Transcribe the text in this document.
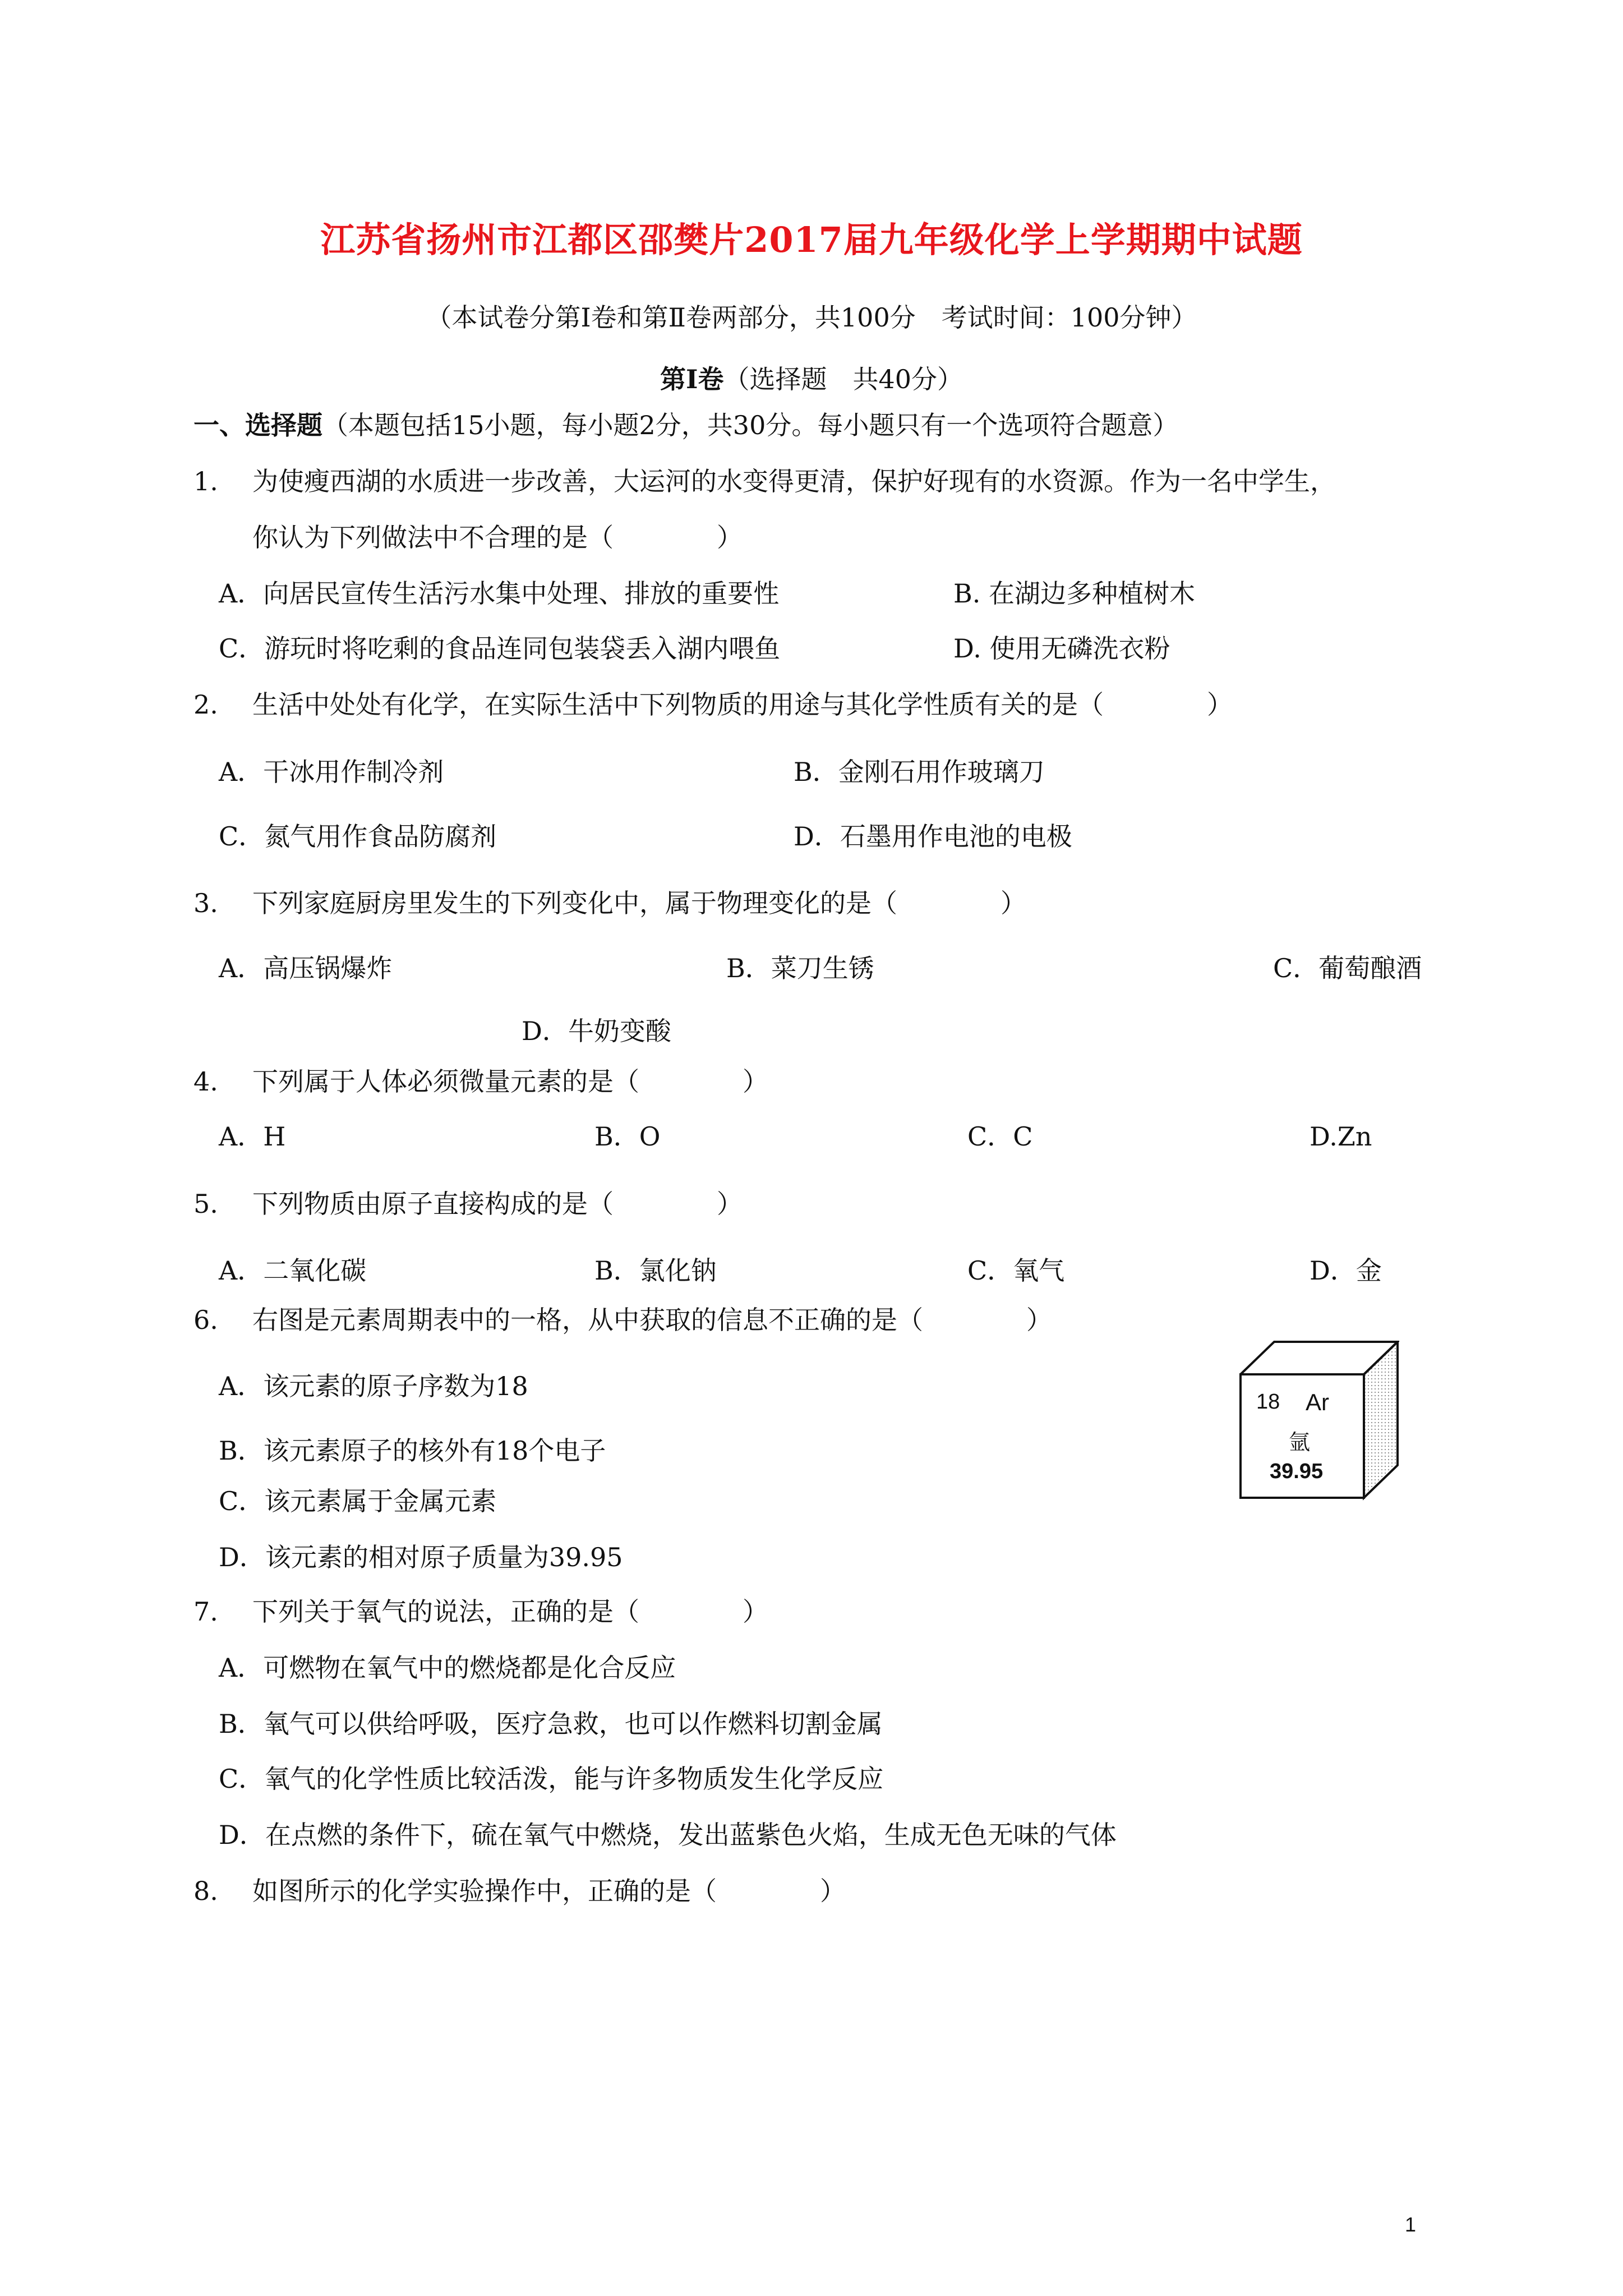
江苏省扬州市江都区邵樊片2017届九年级化学上学期期中试题
（本试卷分第Ⅰ卷和第Ⅱ卷两部分，共100分　考试时间：100分钟）
第Ⅰ卷（选择题　共40分）
一、选择题（本题包括15小题，每小题2分，共30分。每小题只有一个选项符合题意）
1. 为使瘦西湖的水质进一步改善，大运河的水变得更清，保护好现有的水资源。作为一名中学生，
你认为下列做法中不合理的是（　　　　）
A．向居民宣传生活污水集中处理、排放的重要性	B. 在湖边多种植树木
C．游玩时将吃剩的食品连同包装袋丢入湖内喂鱼	D. 使用无磷洗衣粉
2. 生活中处处有化学，在实际生活中下列物质的用途与其化学性质有关的是（　　　　）
A．干冰用作制冷剂	B．金刚石用作玻璃刀
C．氮气用作食品防腐剂	D．石墨用作电池的电极
3. 下列家庭厨房里发生的下列变化中，属于物理变化的是（　　　　）
A．高压锅爆炸	B．菜刀生锈	C．葡萄酿酒
D．牛奶变酸
4. 下列属于人体必须微量元素的是（　　　　）
A．H	B．O	C．C	D.Zn
5. 下列物质由原子直接构成的是（　　　　）
A．二氧化碳	B．氯化钠	C．氧气	D．金
6. 右图是元素周期表中的一格，从中获取的信息不正确的是（　　　　）
A．该元素的原子序数为18
B．该元素原子的核外有18个电子
C．该元素属于金属元素
D．该元素的相对原子质量为39.95
18 Ar
氩
39.95
7. 下列关于氧气的说法，正确的是（　　　　）
A．可燃物在氧气中的燃烧都是化合反应
B．氧气可以供给呼吸，医疗急救，也可以作燃料切割金属
C．氧气的化学性质比较活泼，能与许多物质发生化学反应
D．在点燃的条件下，硫在氧气中燃烧，发出蓝紫色火焰，生成无色无味的气体
8. 如图所示的化学实验操作中，正确的是（　　　　）
1
